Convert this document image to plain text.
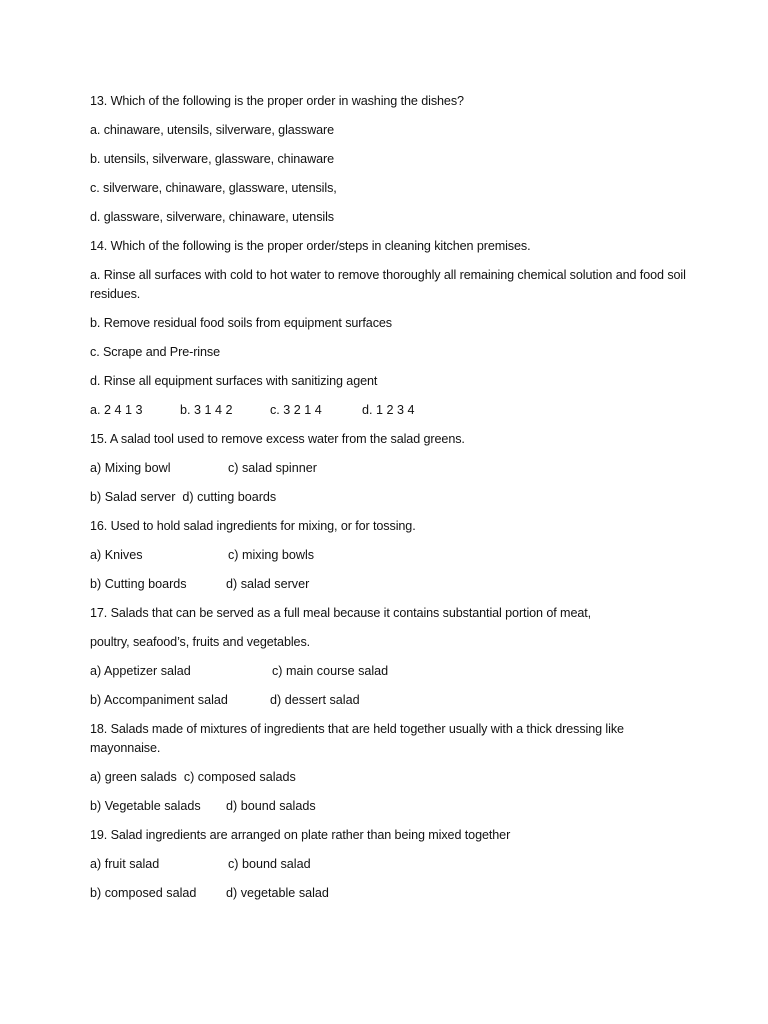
13. Which of the following is the proper order in washing the dishes?
a. chinaware, utensils, silverware, glassware
b. utensils, silverware, glassware, chinaware
c. silverware, chinaware, glassware, utensils,
d. glassware, silverware, chinaware, utensils
14. Which of the following is the proper order/steps in cleaning kitchen premises.
a. Rinse all surfaces with cold to hot water to remove thoroughly all remaining chemical solution and food soil residues.
b. Remove residual food soils from equipment surfaces
c. Scrape and Pre-rinse
d. Rinse all equipment surfaces with sanitizing agent
a. 2 4 1 3	b. 3 1 4 2	c. 3 2 1 4	d. 1 2 3 4
15. A salad tool used to remove excess water from the salad greens.
a) Mixing bowl	c) salad spinner
b) Salad server d) cutting boards
16. Used to hold salad ingredients for mixing, or for tossing.
a) Knives	c) mixing bowls
b) Cutting boards	d) salad server
17. Salads that can be served as a full meal because it contains substantial portion of meat,
poultry, seafood’s, fruits and vegetables.
a) Appetizer salad	c) main course salad
b) Accompaniment salad	d) dessert salad
18. Salads made of mixtures of ingredients that are held together usually with a thick dressing like mayonnaise.
a) green salads c) composed salads
b) Vegetable salads	d) bound salads
19. Salad ingredients are arranged on plate rather than being mixed together
a) fruit salad	c) bound salad
b) composed salad	d) vegetable salad
